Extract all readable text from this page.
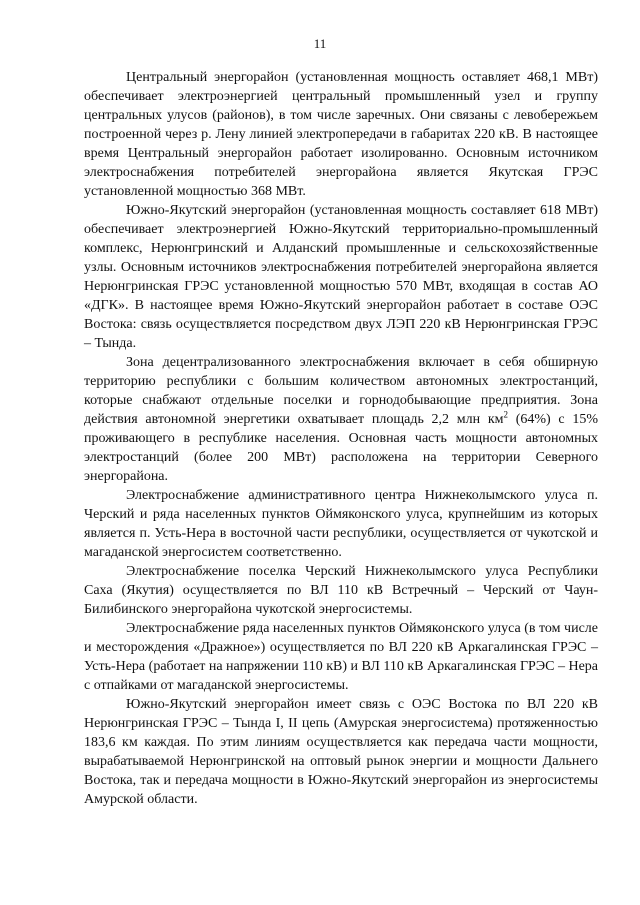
11

Центральный энергорайон (установленная мощность оставляет 468,1 МВт) обеспечивает электроэнергией центральный промышленный узел и группу центральных улусов (районов), в том числе заречных. Они связаны с левобережьем построенной через р. Лену линией электропередачи в габаритах 220 кВ. В настоящее время Центральный энергорайон работает изолированно. Основным источником электроснабжения потребителей энергорайона является Якутская ГРЭС установленной мощностью 368 МВт.

Южно-Якутский энергорайон (установленная мощность составляет 618 МВт) обеспечивает электроэнергией Южно-Якутский территориально-промышленный комплекс, Нерюнгринский и Алданский промышленные и сельскохозяйственные узлы. Основным источников электроснабжения потребителей энергорайона является Нерюнгринская ГРЭС установленной мощностью 570 МВт, входящая в состав АО «ДГК». В настоящее время Южно-Якутский энергорайон работает в составе ОЭС Востока: связь осуществляется посредством двух ЛЭП 220 кВ Нерюнгринская ГРЭС – Тында.

Зона децентрализованного электроснабжения включает в себя обширную территорию республики с большим количеством автономных электростанций, которые снабжают отдельные поселки и горнодобывающие предприятия. Зона действия автономной энергетики охватывает площадь 2,2 млн $км^2$ (64%) с 15% проживающего в республике населения. Основная часть мощности автономных электростанций (более 200 МВт) расположена на территории Северного энергорайона.

Электроснабжение административного центра Нижнеколымского улуса п. Черский и ряда населенных пунктов Оймяконского улуса, крупнейшим из которых является п. Усть-Нера в восточной части республики, осуществляется от чукотской и магаданской энергосистем соответственно.

Электроснабжение поселка Черский Нижнеколымского улуса Республики Саха (Якутия) осуществляется по ВЛ 110 кВ Встречный – Черский от Чаун-Билибинского энергорайона чукотской энергосистемы.

Электроснабжение ряда населенных пунктов Оймяконского улуса (в том числе и месторождения «Дражное») осуществляется по ВЛ 220 кВ Аркагалинская ГРЭС – Усть-Нера (работает на напряжении 110 кВ) и ВЛ 110 кВ Аркагалинская ГРЭС – Нера с отпайками от магаданской энергосистемы.

Южно-Якутский энергорайон имеет связь с ОЭС Востока по ВЛ 220 кВ Нерюнгринская ГРЭС – Тында I, II цепь (Амурская энергосистема) протяженностью 183,6 км каждая. По этим линиям осуществляется как передача части мощности, вырабатываемой Нерюнгринской на оптовый рынок энергии и мощности Дальнего Востока, так и передача мощности в Южно-Якутский энергорайон из энергосистемы Амурской области.
